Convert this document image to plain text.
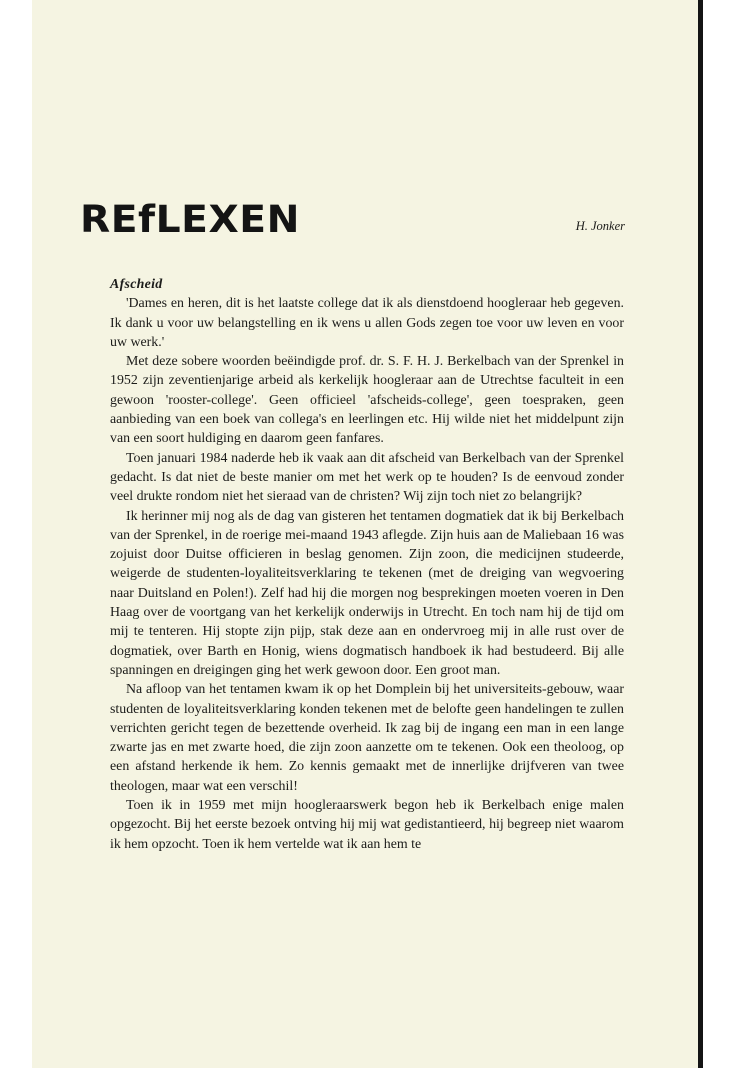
REfLEXEN	H. Jonker

Afscheid

'Dames en heren, dit is het laatste college dat ik als dienstdoend hoogleraar heb gegeven. Ik dank u voor uw belangstelling en ik wens u allen Gods zegen toe voor uw leven en voor uw werk.'

Met deze sobere woorden beëindigde prof. dr. S. F. H. J. Berkelbach van der Sprenkel in 1952 zijn zeventienjarige arbeid als kerkelijk hoogleraar aan de Utrechtse faculteit in een gewoon 'rooster-college'. Geen officieel 'afscheids-college', geen toespraken, geen aanbieding van een boek van collega's en leerlingen etc. Hij wilde niet het middelpunt zijn van een soort huldiging en daarom geen fanfares.

Toen januari 1984 naderde heb ik vaak aan dit afscheid van Berkelbach van der Sprenkel gedacht. Is dat niet de beste manier om met het werk op te houden? Is de eenvoud zonder veel drukte rondom niet het sieraad van de christen? Wij zijn toch niet zo belangrijk?

Ik herinner mij nog als de dag van gisteren het tentamen dogmatiek dat ik bij Berkelbach van der Sprenkel, in de roerige mei-maand 1943 aflegde. Zijn huis aan de Maliebaan 16 was zojuist door Duitse officieren in beslag genomen. Zijn zoon, die medicijnen studeerde, weigerde de studenten-loyaliteitsverklaring te tekenen (met de dreiging van wegvoering naar Duitsland en Polen!). Zelf had hij die morgen nog besprekingen moeten voeren in Den Haag over de voortgang van het kerkelijk onderwijs in Utrecht. En toch nam hij de tijd om mij te tenteren. Hij stopte zijn pijp, stak deze aan en ondervroeg mij in alle rust over de dogmatiek, over Barth en Honig, wiens dogmatisch handboek ik had bestudeerd. Bij alle spanningen en dreigingen ging het werk gewoon door. Een groot man.

Na afloop van het tentamen kwam ik op het Domplein bij het universiteits-gebouw, waar studenten de loyaliteitsverklaring konden tekenen met de belofte geen handelingen te zullen verrichten gericht tegen de bezettende overheid. Ik zag bij de ingang een man in een lange zwarte jas en met zwarte hoed, die zijn zoon aanzette om te tekenen. Ook een theoloog, op een afstand herkende ik hem. Zo kennis gemaakt met de innerlijke drijfveren van twee theologen, maar wat een verschil!

Toen ik in 1959 met mijn hoogleraarswerk begon heb ik Berkelbach enige malen opgezocht. Bij het eerste bezoek ontving hij mij wat gedistantieerd, hij begreep niet waarom ik hem opzocht. Toen ik hem vertelde wat ik aan hem te
